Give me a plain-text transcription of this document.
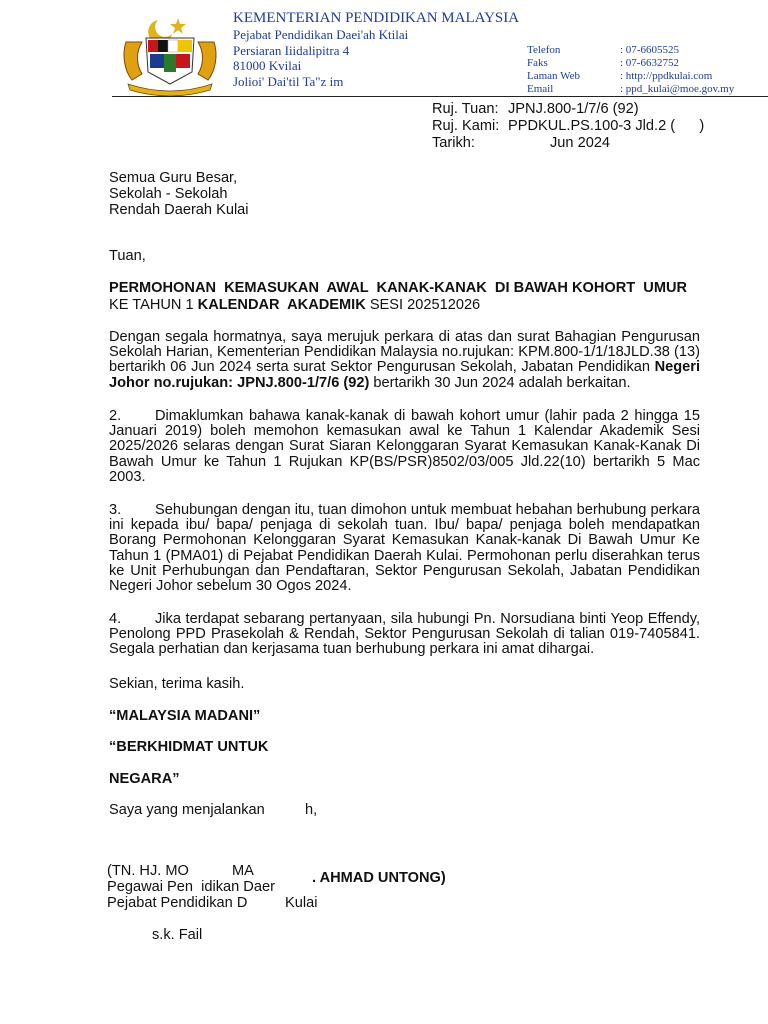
KEMENTERIAN PENDIDIKAN MALAYSIA
Pejabat Pendidikan Daei'ah Ktilai
Persiaran Iiidalipitra 4
81000 Kvilai
Jolioi' Dai'til Ta"z im
Telefon	: 07-6605525
Faks	: 07-6632752
Laman Web	: http://ppdkulai.com
Email	: ppd_kulai@moe.gov.my
Ruj. Tuan: JPNJ.800-1/7/6 (92)
Ruj. Kami: PPDKUL.PS.100-3 Jld.2 (      )
Tarikh:	Jun 2024
Semua Guru Besar,
Sekolah - Sekolah
Rendah Daerah Kulai
Tuan,
PERMOHONAN  KEMASUKAN  AWAL  KANAK-KANAK  DI BAWAH KOHORT  UMUR
KE TAHUN 1 KALENDAR  AKADEMIK SESI 202512026
Dengan segala hormatnya, saya merujuk perkara di atas dan surat Bahagian Pengurusan Sekolah Harian, Kementerian Pendidikan Malaysia no.rujukan: KPM.800-1/1/18JLD.38 (13) bertarikh 06 Jun 2024 serta surat Sektor Pengurusan Sekolah, Jabatan Pendidikan Negeri Johor no.rujukan: JPNJ.800-1/7/6 (92) bertarikh 30 Jun 2024 adalah berkaitan.
2. Dimaklumkan bahawa kanak-kanak di bawah kohort umur (lahir pada 2 hingga 15 Januari 2019) boleh memohon kemasukan awal ke Tahun 1 Kalendar Akademik Sesi 2025/2026 selaras dengan Surat Siaran Kelonggaran Syarat Kemasukan Kanak-Kanak Di Bawah Umur ke Tahun 1 Rujukan KP(BS/PSR)8502/03/005 Jld.22(10) bertarikh 5 Mac 2003.
3. Sehubungan dengan itu, tuan dimohon untuk membuat hebahan berhubung perkara ini kepada ibu/ bapa/ penjaga di sekolah tuan. Ibu/ bapa/ penjaga boleh mendapatkan Borang Permohonan Kelonggaran Syarat Kemasukan Kanak-kanak Di Bawah Umur Ke Tahun 1 (PMA01) di Pejabat Pendidikan Daerah Kulai. Permohonan perlu diserahkan terus ke Unit Perhubungan dan Pendaftaran, Sektor Pengurusan Sekolah, Jabatan Pendidikan Negeri Johor sebelum 30 Ogos 2024.
4. Jika terdapat sebarang pertanyaan, sila hubungi Pn. Norsudiana binti Yeop Effendy, Penolong PPD Prasekolah & Rendah, Sektor Pengurusan Sekolah di talian 019-7405841. Segala perhatian dan kerjasama tuan berhubung perkara ini amat dihargai.
Sekian, terima kasih.
“MALAYSIA MADANI”
“BERKHIDMAT UNTUK
NEGARA”
Saya yang menjalankan	h,
(TN. HJ. MO	MA	. AHMAD UNTONG)
Pegawai Pen  idikan Daer
Pejabat Pendidikan D	Kulai
s.k. Fail
